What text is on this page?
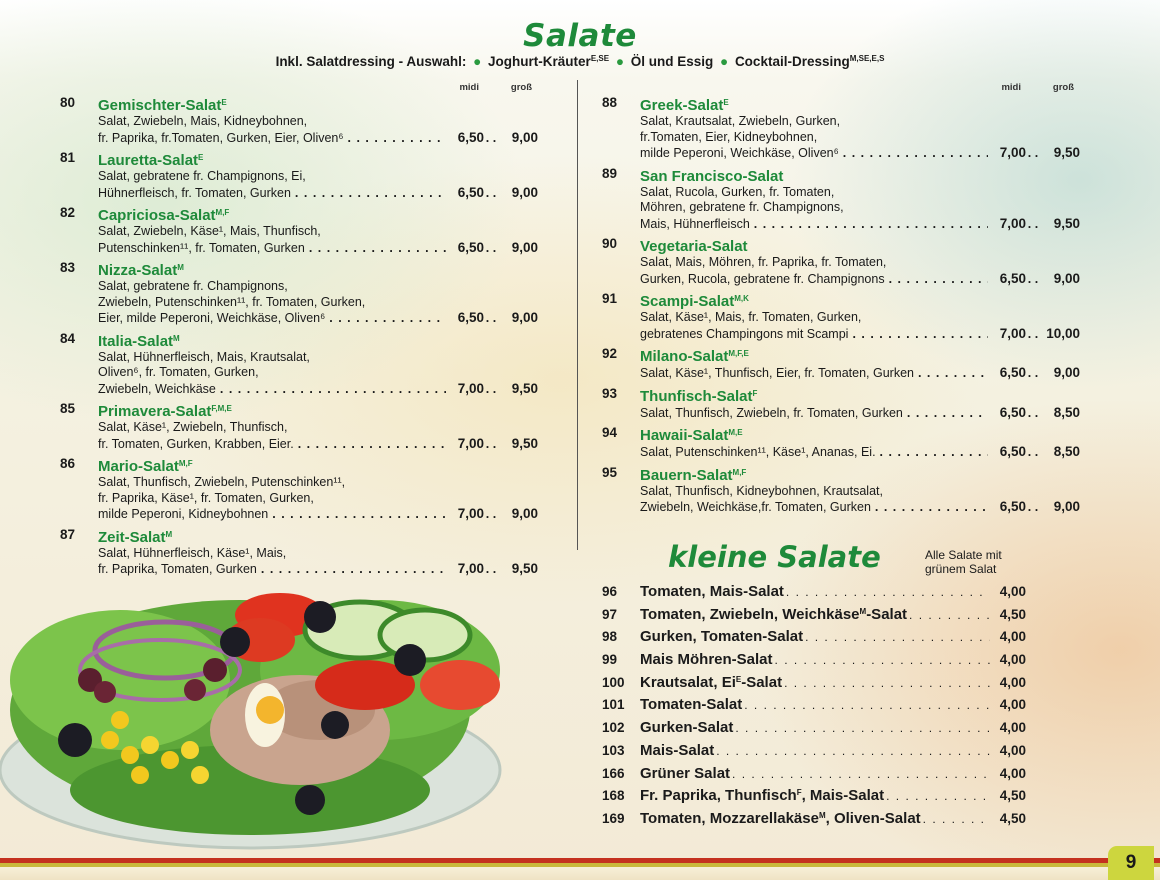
Salate
Inkl. Salatdressing - Auswahl: ● Joghurt-Kräuter$^{E,SE}$ ● Öl und Essig ● Cocktail-Dressing$^{M,SE,E,S}$
midi	groß
80	Gemischter-Salat$^E$
Salat, Zwiebeln, Mais, Kidneybohnen,
fr. Paprika, fr.Tomaten, Gurken, Eier, Oliven⁶ . . .	6,50 . .	9,00
81	Lauretta-Salat$^E$
Salat, gebratene fr. Champignons, Ei,
Hühnerfleisch, fr. Tomaten, Gurken . . .	6,50 . .	9,00
82	Capriciosa-Salat$^{M,F}$
Salat, Zwiebeln, Käse¹, Mais, Thunfisch,
Putenschinken¹¹, fr. Tomaten, Gurken . . .	6,50 . .	9,00
83	Nizza-Salat$^M$
Salat, gebratene fr. Champignons,
Zwiebeln, Putenschinken¹¹, fr. Tomaten, Gurken,
Eier, milde Peperoni, Weichkäse, Oliven⁶ . . .	6,50 . .	9,00
84	Italia-Salat$^M$
Salat, Hühnerfleisch, Mais, Krautsalat,
Oliven⁶, fr. Tomaten, Gurken,
Zwiebeln, Weichkäse . . .	7,00 . .	9,50
85	Primavera-Salat$^{F,M,E}$
Salat, Käse¹, Zwiebeln, Thunfisch,
fr. Tomaten, Gurken, Krabben, Eier. . . .	7,00 . .	9,50
86	Mario-Salat$^{M,F}$
Salat, Thunfisch, Zwiebeln, Putenschinken¹¹,
fr. Paprika, Käse¹, fr. Tomaten, Gurken,
milde Peperoni, Kidneybohnen . . .	7,00 . .	9,00
87	Zeit-Salat$^M$
Salat, Hühnerfleisch, Käse¹, Mais,
fr. Paprika, Tomaten, Gurken . . .	7,00 . .	9,50
midi	groß
88	Greek-Salat$^E$
Salat, Krautsalat, Zwiebeln, Gurken,
fr.Tomaten, Eier, Kidneybohnen,
milde Peperoni, Weichkäse, Oliven⁶ . . .	7,00 . .	9,50
89	San Francisco-Salat
Salat, Rucola, Gurken, fr. Tomaten,
Möhren, gebratene fr. Champignons,
Mais, Hühnerfleisch . . .	7,00 . .	9,50
90	Vegetaria-Salat
Salat, Mais, Möhren, fr. Paprika, fr. Tomaten,
Gurken, Rucola, gebratene fr. Champignons . . .	6,50 . .	9,00
91	Scampi-Salat$^{M,K}$
Salat, Käse¹, Mais, fr. Tomaten, Gurken,
gebratenes Champingons mit Scampi . . .	7,00 . . 10,00
92	Milano-Salat$^{M,F,E}$
Salat, Käse¹, Thunfisch, Eier, fr. Tomaten, Gurken . . .	6,50 . .	9,00
93	Thunfisch-Salat$^F$
Salat, Thunfisch, Zwiebeln, fr. Tomaten, Gurken . . .	6,50 . .	8,50
94	Hawaii-Salat$^{M,E}$
Salat, Putenschinken¹¹, Käse¹, Ananas, Ei. . . .	6,50 . .	8,50
95	Bauern-Salat$^{M,F}$
Salat, Thunfisch, Kidneybohnen, Krautsalat,
Zwiebeln, Weichkäse,fr. Tomaten, Gurken . . .	6,50 . .	9,00
kleine Salate	Alle Salate mit grünem Salat
96	Tomaten, Mais-Salat . . .	4,00
97	Tomaten, Zwiebeln, Weichkäse$^M$-Salat . . .	4,50
98	Gurken, Tomaten-Salat . . .	4,00
99	Mais Möhren-Salat . . .	4,00
100	Krautsalat, $Ei^E$-Salat . . .	4,00
101	Tomaten-Salat . . .	4,00
102	Gurken-Salat . . .	4,00
103	Mais-Salat . . .	4,00
166	Grüner Salat . . .	4,00
168	Fr. Paprika, Thunfisch$^F$, Mais-Salat . . .	4,50
169	Tomaten, Mozzarellakäse$^M$, Oliven-Salat . . .	4,50
9
